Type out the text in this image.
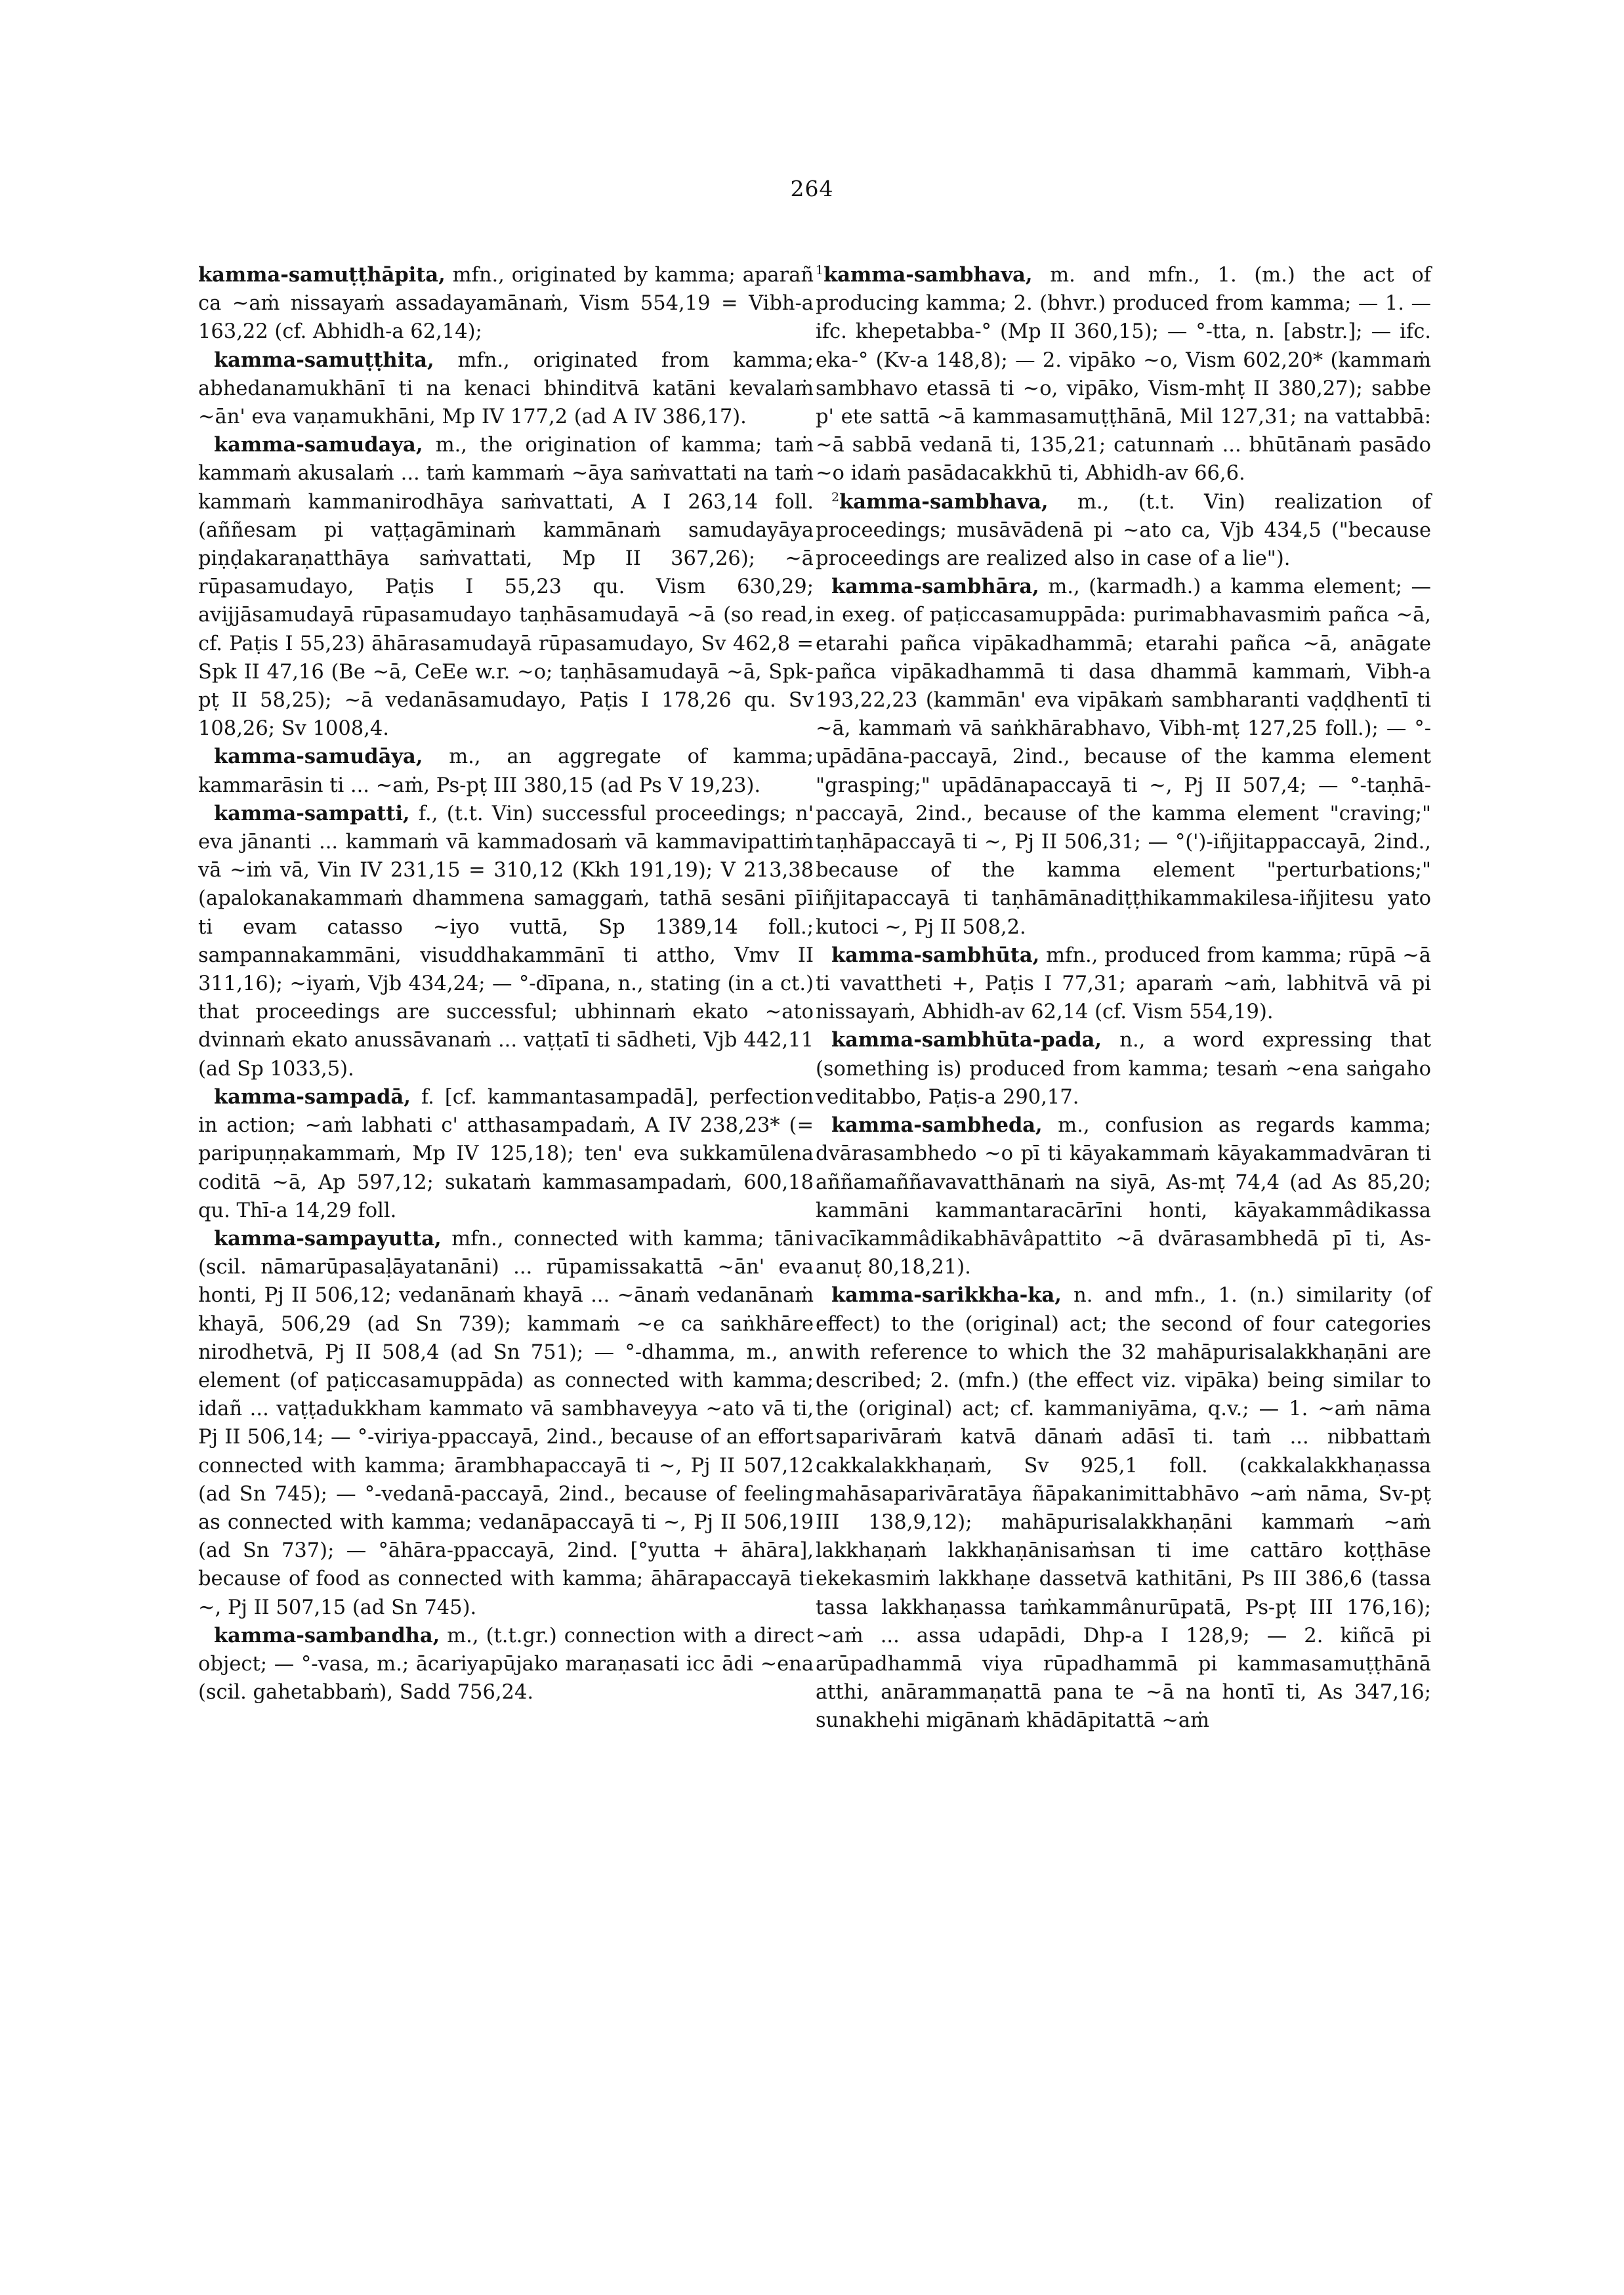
264

kamma-samuṭṭhāpita, mfn., originated by kamma; aparañ ca ~aṁ nissayaṁ assadayamānaṁ, Vism 554,19 = Vibh-a 163,22 (cf. Abhidh-a 62,14);

kamma-samuṭṭhita, mfn., originated from kamma; abhedanamukhānī ti na kenaci bhinditvā katāni kevalaṁ ~ān' eva vaṇamukhāni, Mp IV 177,2 (ad A IV 386,17).

kamma-samudaya, m., the origination of kamma; taṁ kammaṁ akusalaṁ ... taṁ kammaṁ ~āya saṁvattati na taṁ kammaṁ kammanirodhāya saṁvattati, A I 263,14 foll. (aññesam pi vaṭṭagāminaṁ kammānaṁ samudayāya piṇḍakaraṇatthāya saṁvattati, Mp II 367,26); ~ā rūpasamudayo, Paṭis I 55,23 qu. Vism 630,29; avijjāsamudayā rūpasamudayo taṇhāsamudayā ~ā (so read, cf. Paṭis I 55,23) āhārasamudayā rūpasamudayo, Sv 462,8 = Spk II 47,16 (Be ~ā, CeEe w.r. ~o; taṇhāsamudayā ~ā, Spk-pṭ II 58,25); ~ā vedanāsamudayo, Paṭis I 178,26 qu. Sv 108,26; Sv 1008,4.

kamma-samudāya, m., an aggregate of kamma; kammarāsin ti ... ~aṁ, Ps-pṭ III 380,15 (ad Ps V 19,23).

kamma-sampatti, f., (t.t. Vin) successful proceedings; n' eva jānanti ... kammaṁ vā kammadosaṁ vā kammavipattiṁ vā ~iṁ vā, Vin IV 231,15 = 310,12 (Kkh 191,19); V 213,38 (apalokanakammaṁ dhammena samaggaṁ, tathā sesāni pī ti evam catasso ~iyo vuttā, Sp 1389,14 foll.; sampannakammāni, visuddhakammānī ti attho, Vmv II 311,16); ~iyaṁ, Vjb 434,24; — °-dīpana, n., stating (in a ct.) that proceedings are successful; ubhinnaṁ ekato ~ato dvinnaṁ ekato anussāvanaṁ ... vaṭṭatī ti sādheti, Vjb 442,11 (ad Sp 1033,5).

kamma-sampadā, f. [cf. kammantasampadā], perfection in action; ~aṁ labhati c' atthasampadaṁ, A IV 238,23* (= paripuṇṇakammaṁ, Mp IV 125,18); ten' eva sukkamūlena coditā ~ā, Ap 597,12; sukataṁ kammasampadaṁ, 600,18 qu. Thī-a 14,29 foll.

kamma-sampayutta, mfn., connected with kamma; tāni (scil. nāmarūpasaḷāyatanāni) ... rūpamissakattā ~ān' eva honti, Pj II 506,12; vedanānaṁ khayā ... ~ānaṁ vedanānaṁ khayā, 506,29 (ad Sn 739); kammaṁ ~e ca saṅkhāre nirodhetvā, Pj II 508,4 (ad Sn 751); — °-dhamma, m., an element (of paṭiccasamuppāda) as connected with kamma; idañ ... vaṭṭadukkham kammato vā sambhaveyya ~ato vā ti, Pj II 506,14; — °-viriya-ppaccayā, 2ind., because of an effort connected with kamma; ārambhapaccayā ti ~, Pj II 507,12 (ad Sn 745); — °-vedanā-paccayā, 2ind., because of feeling as connected with kamma; vedanāpaccayā ti ~, Pj II 506,19 (ad Sn 737); — °āhāra-ppaccayā, 2ind. [°yutta + āhāra], because of food as connected with kamma; āhārapaccayā ti ~, Pj II 507,15 (ad Sn 745).

kamma-sambandha, m., (t.t.gr.) connection with a direct object; — °-vasa, m.; ācariyapūjako maraṇasati icc ādi ~ena (scil. gahetabbaṁ), Sadd 756,24.

$^1$kamma-sambhava, m. and mfn., 1. (m.) the act of producing kamma; 2. (bhvr.) produced from kamma; — 1. — ifc. khepetabba-° (Mp II 360,15); — °-tta, n. [abstr.]; — ifc. eka-° (Kv-a 148,8); — 2. vipāko ~o, Vism 602,20* (kammaṁ sambhavo etassā ti ~o, vipāko, Vism-mhṭ II 380,27); sabbe p' ete sattā ~ā kammasamuṭṭhānā, Mil 127,31; na vattabbā: ~ā sabbā vedanā ti, 135,21; catunnaṁ ... bhūtānaṁ pasādo ~o idaṁ pasādacakkhū ti, Abhidh-av 66,6.

$^2$kamma-sambhava, m., (t.t. Vin) realization of proceedings; musāvādenā pi ~ato ca, Vjb 434,5 ("because proceedings are realized also in case of a lie").

kamma-sambhāra, m., (karmadh.) a kamma element; — in exeg. of paṭiccasamuppāda: purimabhavasmiṁ pañca ~ā, etarahi pañca vipākadhammā; etarahi pañca ~ā, anāgate pañca vipākadhammā ti dasa dhammā kammaṁ, Vibh-a 193,22,23 (kammān' eva vipākaṁ sambharanti vaḍḍhentī ti ~ā, kammaṁ vā saṅkhārabhavo, Vibh-mṭ 127,25 foll.); — °-upādāna-paccayā, 2ind., because of the kamma element "grasping;" upādānapaccayā ti ~, Pj II 507,4; — °-taṇhā-paccayā, 2ind., because of the kamma element "craving;" taṇhāpaccayā ti ~, Pj II 506,31; — °(')-iñjitappaccayā, 2ind., because of the kamma element "perturbations;" iñjitapaccayā ti taṇhāmānadiṭṭhikammakilesa-iñjitesu yato kutoci ~, Pj II 508,2.

kamma-sambhūta, mfn., produced from kamma; rūpā ~ā ti vavattheti +, Paṭis I 77,31; aparaṁ ~aṁ, labhitvā vā pi nissayaṁ, Abhidh-av 62,14 (cf. Vism 554,19).

kamma-sambhūta-pada, n., a word expressing that (something is) produced from kamma; tesaṁ ~ena saṅgaho veditabbo, Paṭis-a 290,17.

kamma-sambheda, m., confusion as regards kamma; dvārasambhedo ~o pī ti kāyakammaṁ kāyakammadvāran ti aññamaññavavatthānaṁ na siyā, As-mṭ 74,4 (ad As 85,20; kammāni kammantaracārīni honti, kāyakammâdikassa vacīkammâdikabhāvâpattito ~ā dvārasambhedā pī ti, As-anuṭ 80,18,21).

kamma-sarikkha-ka, n. and mfn., 1. (n.) similarity (of effect) to the (original) act; the second of four categories with reference to which the 32 mahāpurisalakkhaṇāni are described; 2. (mfn.) (the effect viz. vipāka) being similar to the (original) act; cf. kammaniyāma, q.v.; — 1. ~aṁ nāma saparivāraṁ katvā dānaṁ adāsī ti. taṁ ... nibbattaṁ cakkalakkhaṇaṁ, Sv 925,1 foll. (cakkalakkhaṇassa mahāsaparivāratāya ñāpakanimittabhāvo ~aṁ nāma, Sv-pṭ III 138,9,12); mahāpurisalakkhaṇāni kammaṁ ~aṁ lakkhaṇaṁ lakkhaṇānisaṁsan ti ime cattāro koṭṭhāse ekekasmiṁ lakkhaṇe dassetvā kathitāni, Ps III 386,6 (tassa tassa lakkhaṇassa taṁkammânurūpatā, Ps-pṭ III 176,16); ~aṁ ... assa udapādi, Dhp-a I 128,9; — 2. kiñcā pi arūpadhammā viya rūpadhammā pi kammasamuṭṭhānā atthi, anārammaṇattā pana te ~ā na hontī ti, As 347,16; sunakhehi migānaṁ khādāpitattā ~aṁ
